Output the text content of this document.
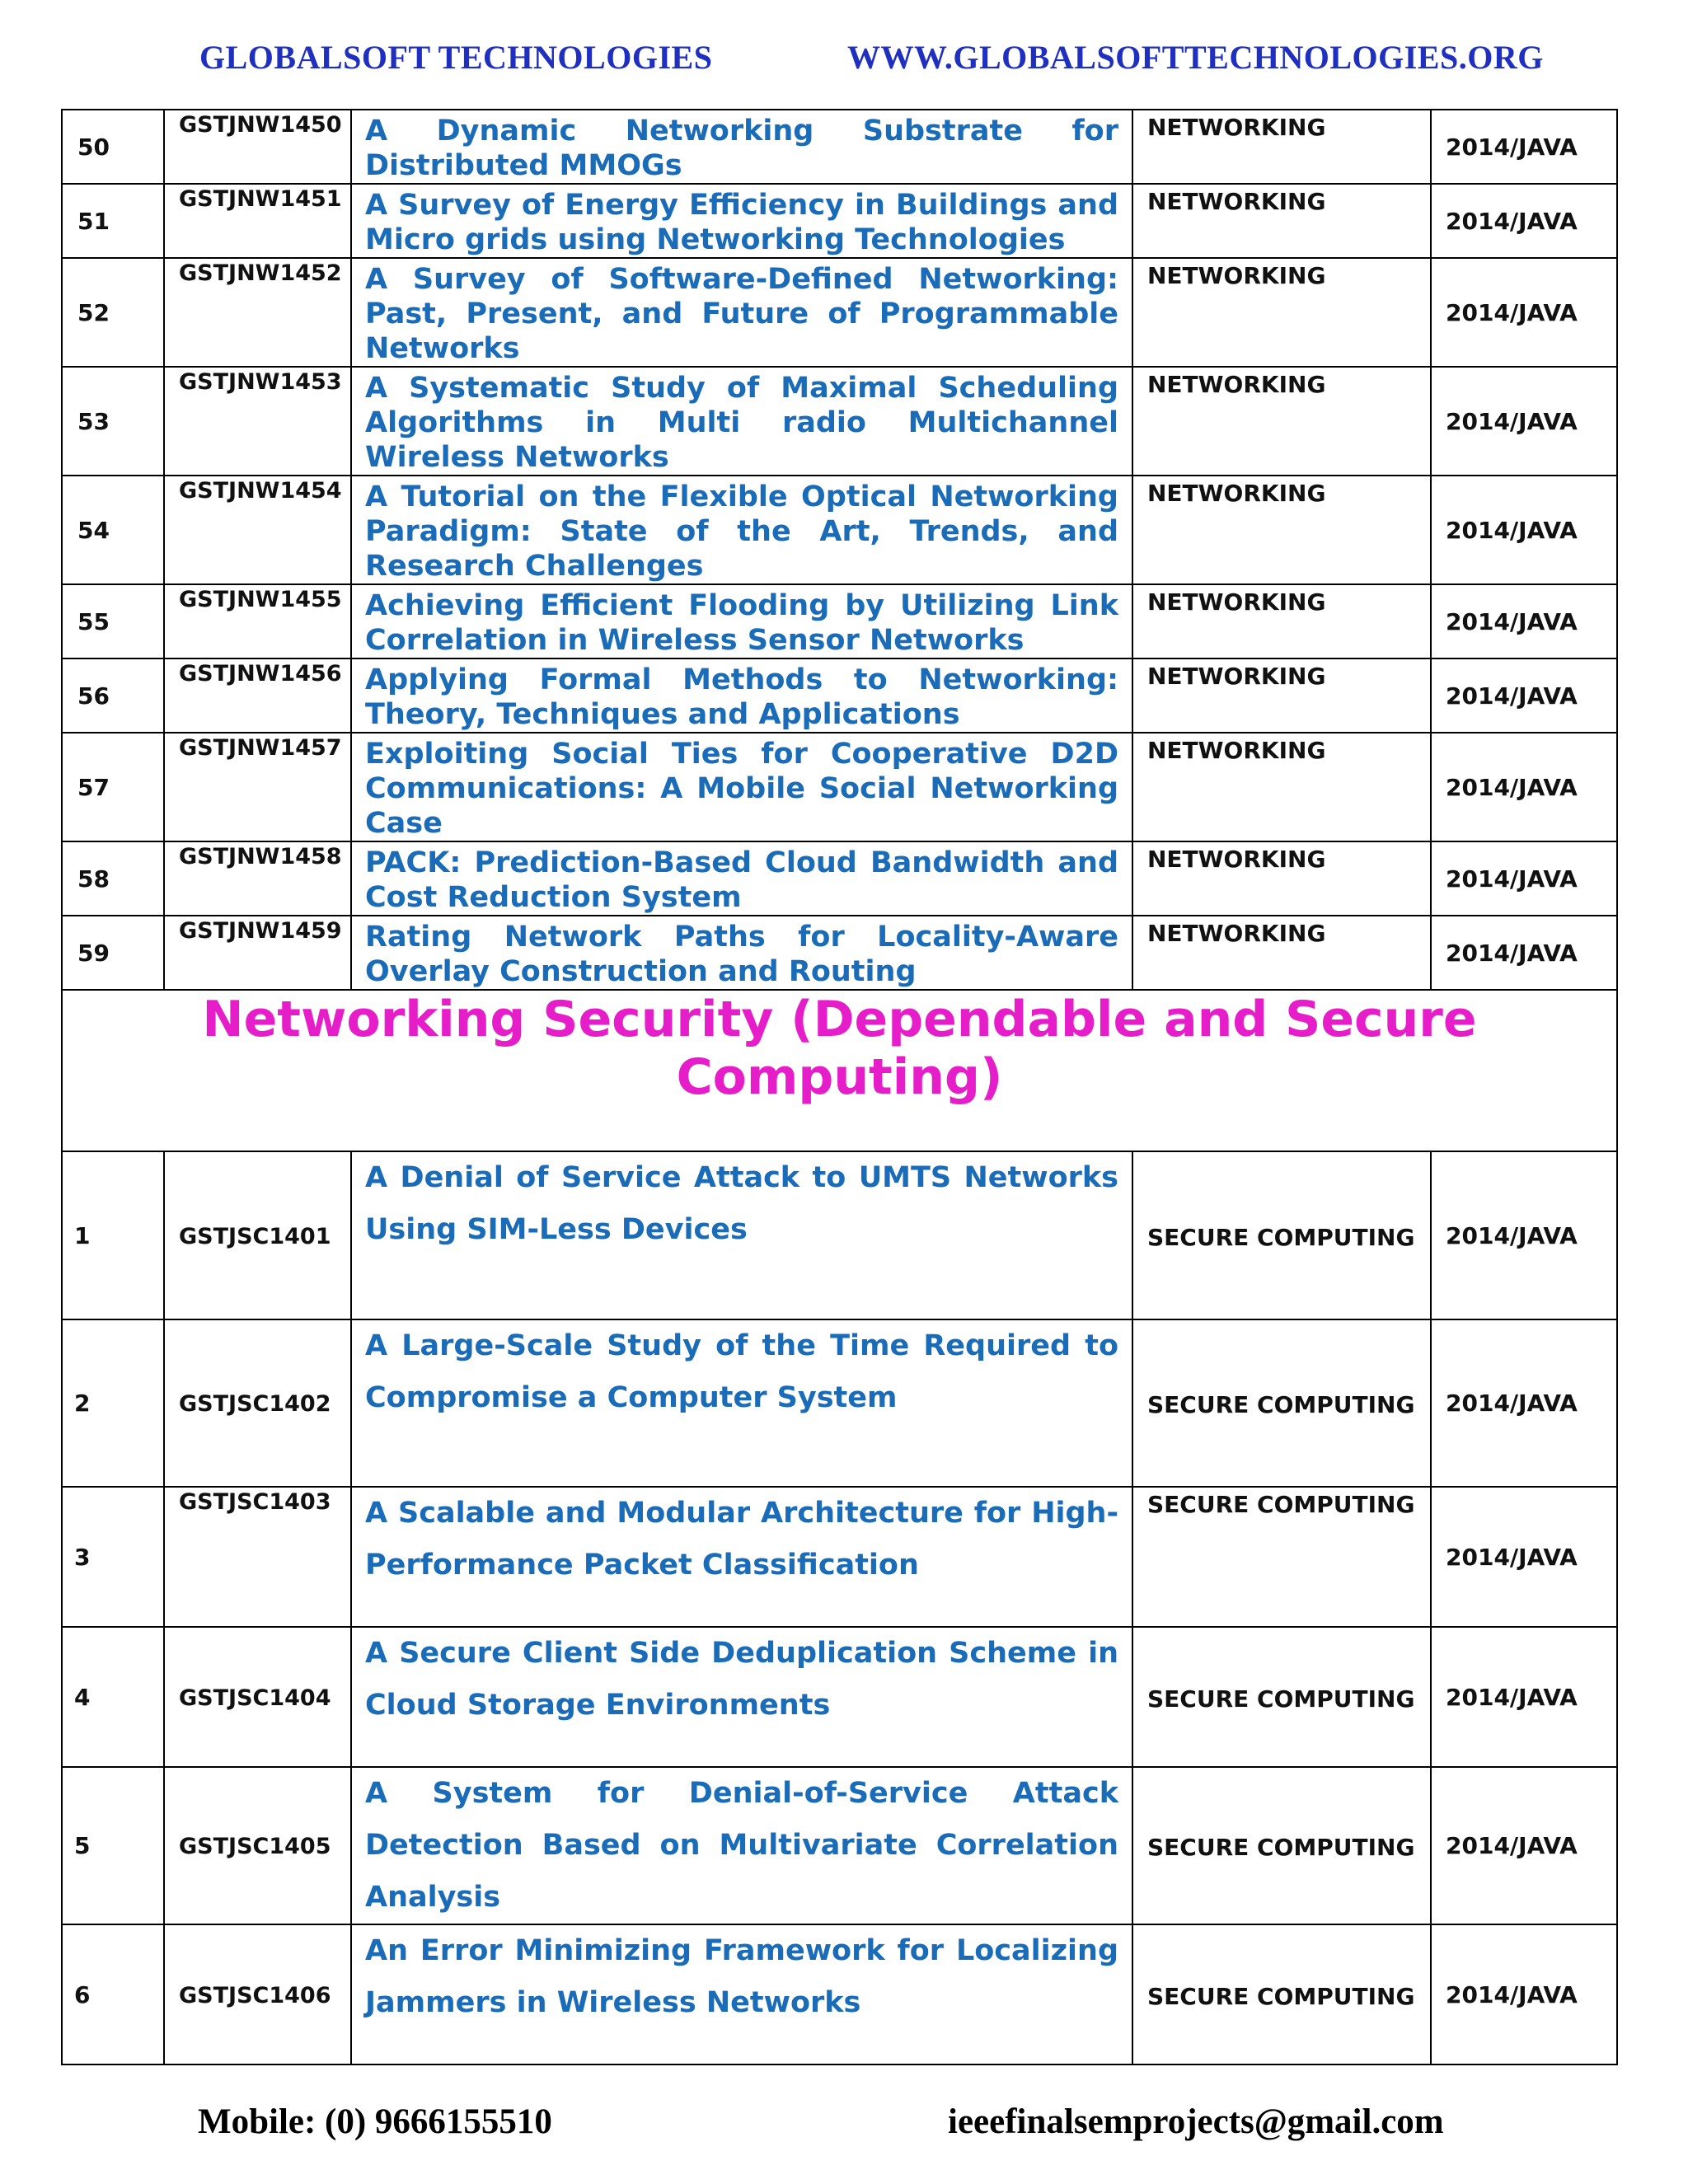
GLOBALSOFT TECHNOLOGIES	WWW.GLOBALSOFTTECHNOLOGIES.ORG
50	GSTJNW1450	A Dynamic Networking Substrate for Distributed MMOGs	NETWORKING	2014/JAVA
51	GSTJNW1451	A Survey of Energy Efficiency in Buildings and Micro grids using Networking Technologies	NETWORKING	2014/JAVA
52	GSTJNW1452	A Survey of Software-Defined Networking: Past, Present, and Future of Programmable Networks	NETWORKING	2014/JAVA
53	GSTJNW1453	A Systematic Study of Maximal Scheduling Algorithms in Multi radio Multichannel Wireless Networks	NETWORKING	2014/JAVA
54	GSTJNW1454	A Tutorial on the Flexible Optical Networking Paradigm: State of the Art, Trends, and Research Challenges	NETWORKING	2014/JAVA
55	GSTJNW1455	Achieving Efficient Flooding by Utilizing Link Correlation in Wireless Sensor Networks	NETWORKING	2014/JAVA
56	GSTJNW1456	Applying Formal Methods to Networking: Theory, Techniques and Applications	NETWORKING	2014/JAVA
57	GSTJNW1457	Exploiting Social Ties for Cooperative D2D Communications: A Mobile Social Networking Case	NETWORKING	2014/JAVA
58	GSTJNW1458	PACK: Prediction-Based Cloud Bandwidth and Cost Reduction System	NETWORKING	2014/JAVA
59	GSTJNW1459	Rating Network Paths for Locality-Aware Overlay Construction and Routing	NETWORKING	2014/JAVA
Networking Security (Dependable and Secure Computing)				
1	GSTJSC1401	A Denial of Service Attack to UMTS Networks Using SIM-Less Devices	SECURE COMPUTING	2014/JAVA
2	GSTJSC1402	A Large-Scale Study of the Time Required to Compromise a Computer System	SECURE COMPUTING	2014/JAVA
3	GSTJSC1403	A Scalable and Modular Architecture for High-Performance Packet Classification	SECURE COMPUTING	2014/JAVA
4	GSTJSC1404	A Secure Client Side Deduplication Scheme in Cloud Storage Environments	SECURE COMPUTING	2014/JAVA
5	GSTJSC1405	A System for Denial-of-Service Attack Detection Based on Multivariate Correlation Analysis	SECURE COMPUTING	2014/JAVA
6	GSTJSC1406	An Error Minimizing Framework for Localizing Jammers in Wireless Networks	SECURE COMPUTING	2014/JAVA
Mobile: (0) 9666155510	ieeefinalsemprojects@gmail.com
